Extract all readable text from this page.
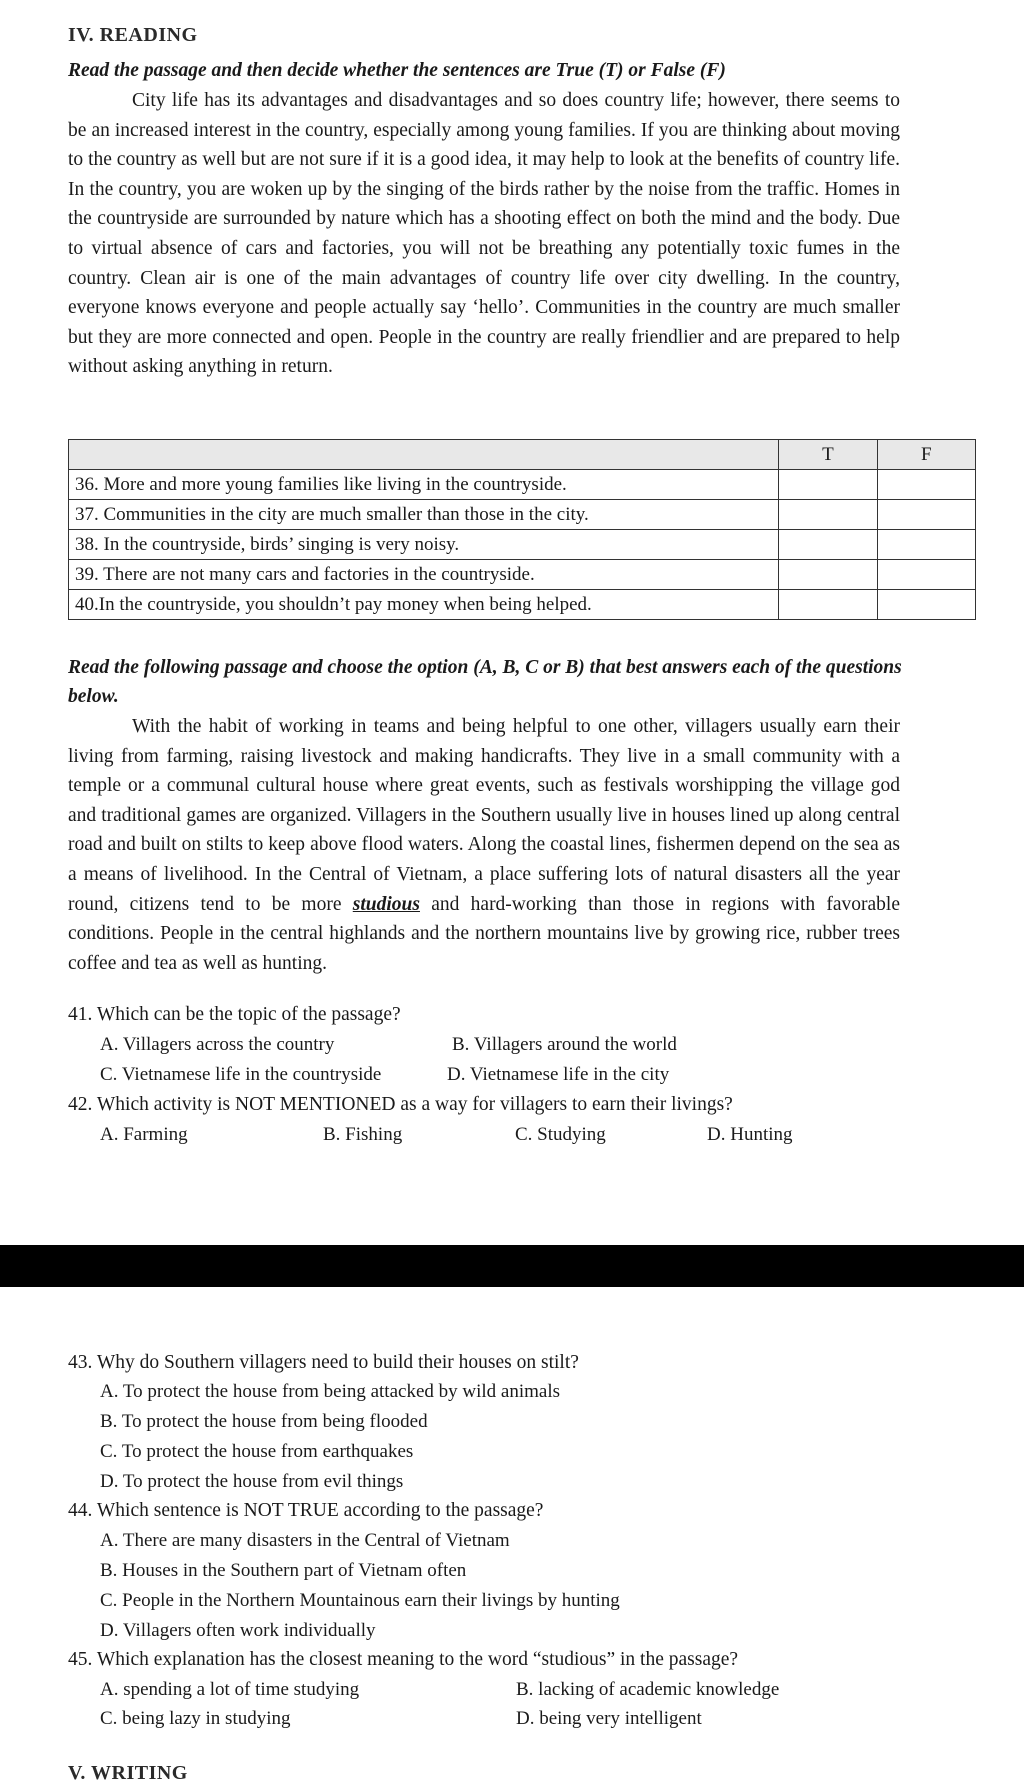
IV. READING
Read the passage and then decide whether the sentences are True (T) or False (F)
City life has its advantages and disadvantages and so does country life; however, there seems to be an increased interest in the country, especially among young families. If you are thinking about moving to the country as well but are not sure if it is a good idea, it may help to look at the benefits of country life. In the country, you are woken up by the singing of the birds rather by the noise from the traffic. Homes in the countryside are surrounded by nature which has a shooting effect on both the mind and the body. Due to virtual absence of cars and factories, you will not be breathing any potentially toxic fumes in the country. Clean air is one of the main advantages of country life over city dwelling. In the country, everyone knows everyone and people actually say ‘hello’. Communities in the country are much smaller but they are more connected and open. People in the country are really friendlier and are prepared to help without asking anything in return.
	T	F
36. More and more young families like living in the countryside.		
37. Communities in the city are much smaller than those in the city.		
38. In the countryside, birds’ singing is very noisy.		
39. There are not many cars and factories in the countryside.		
40.In the countryside, you shouldn’t pay money when being helped.		
Read the following passage and choose the option (A, B, C or B) that best answers each of the questions below.
With the habit of working in teams and being helpful to one other, villagers usually earn their living from farming, raising livestock and making handicrafts. They live in a small community with a temple or a communal cultural house where great events, such as festivals worshipping the village god and traditional games are organized. Villagers in the Southern usually live in houses lined up along central road and built on stilts to keep above flood waters. Along the coastal lines, fishermen depend on the sea as a means of livelihood. In the Central of Vietnam, a place suffering lots of natural disasters all the year round, citizens tend to be more studious and hard-working than those in regions with favorable conditions. People in the central highlands and the northern mountains live by growing rice, rubber trees coffee and tea as well as hunting.
41. Which can be the topic of the passage?
A. Villagers across the country	B. Villagers around the world
C. Vietnamese life in the countryside	D. Vietnamese life in the city
42. Which activity is NOT MENTIONED as a way for villagers to earn their livings?
A. Farming	B. Fishing	C. Studying	D. Hunting
43. Why do Southern villagers need to build their houses on stilt?
A. To protect the house from being attacked by wild animals
B. To protect the house from being flooded
C. To protect the house from earthquakes
D. To protect the house from evil things
44. Which sentence is NOT TRUE according to the passage?
A. There are many disasters in the Central of Vietnam
B. Houses in the Southern part of Vietnam often
C. People in the Northern Mountainous earn their livings by hunting
D. Villagers often work individually
45. Which explanation has the closest meaning to the word “studious” in the passage?
A. spending a lot of time studying	B. lacking of academic knowledge
C. being lazy in studying	D. being very intelligent
V. WRITING
